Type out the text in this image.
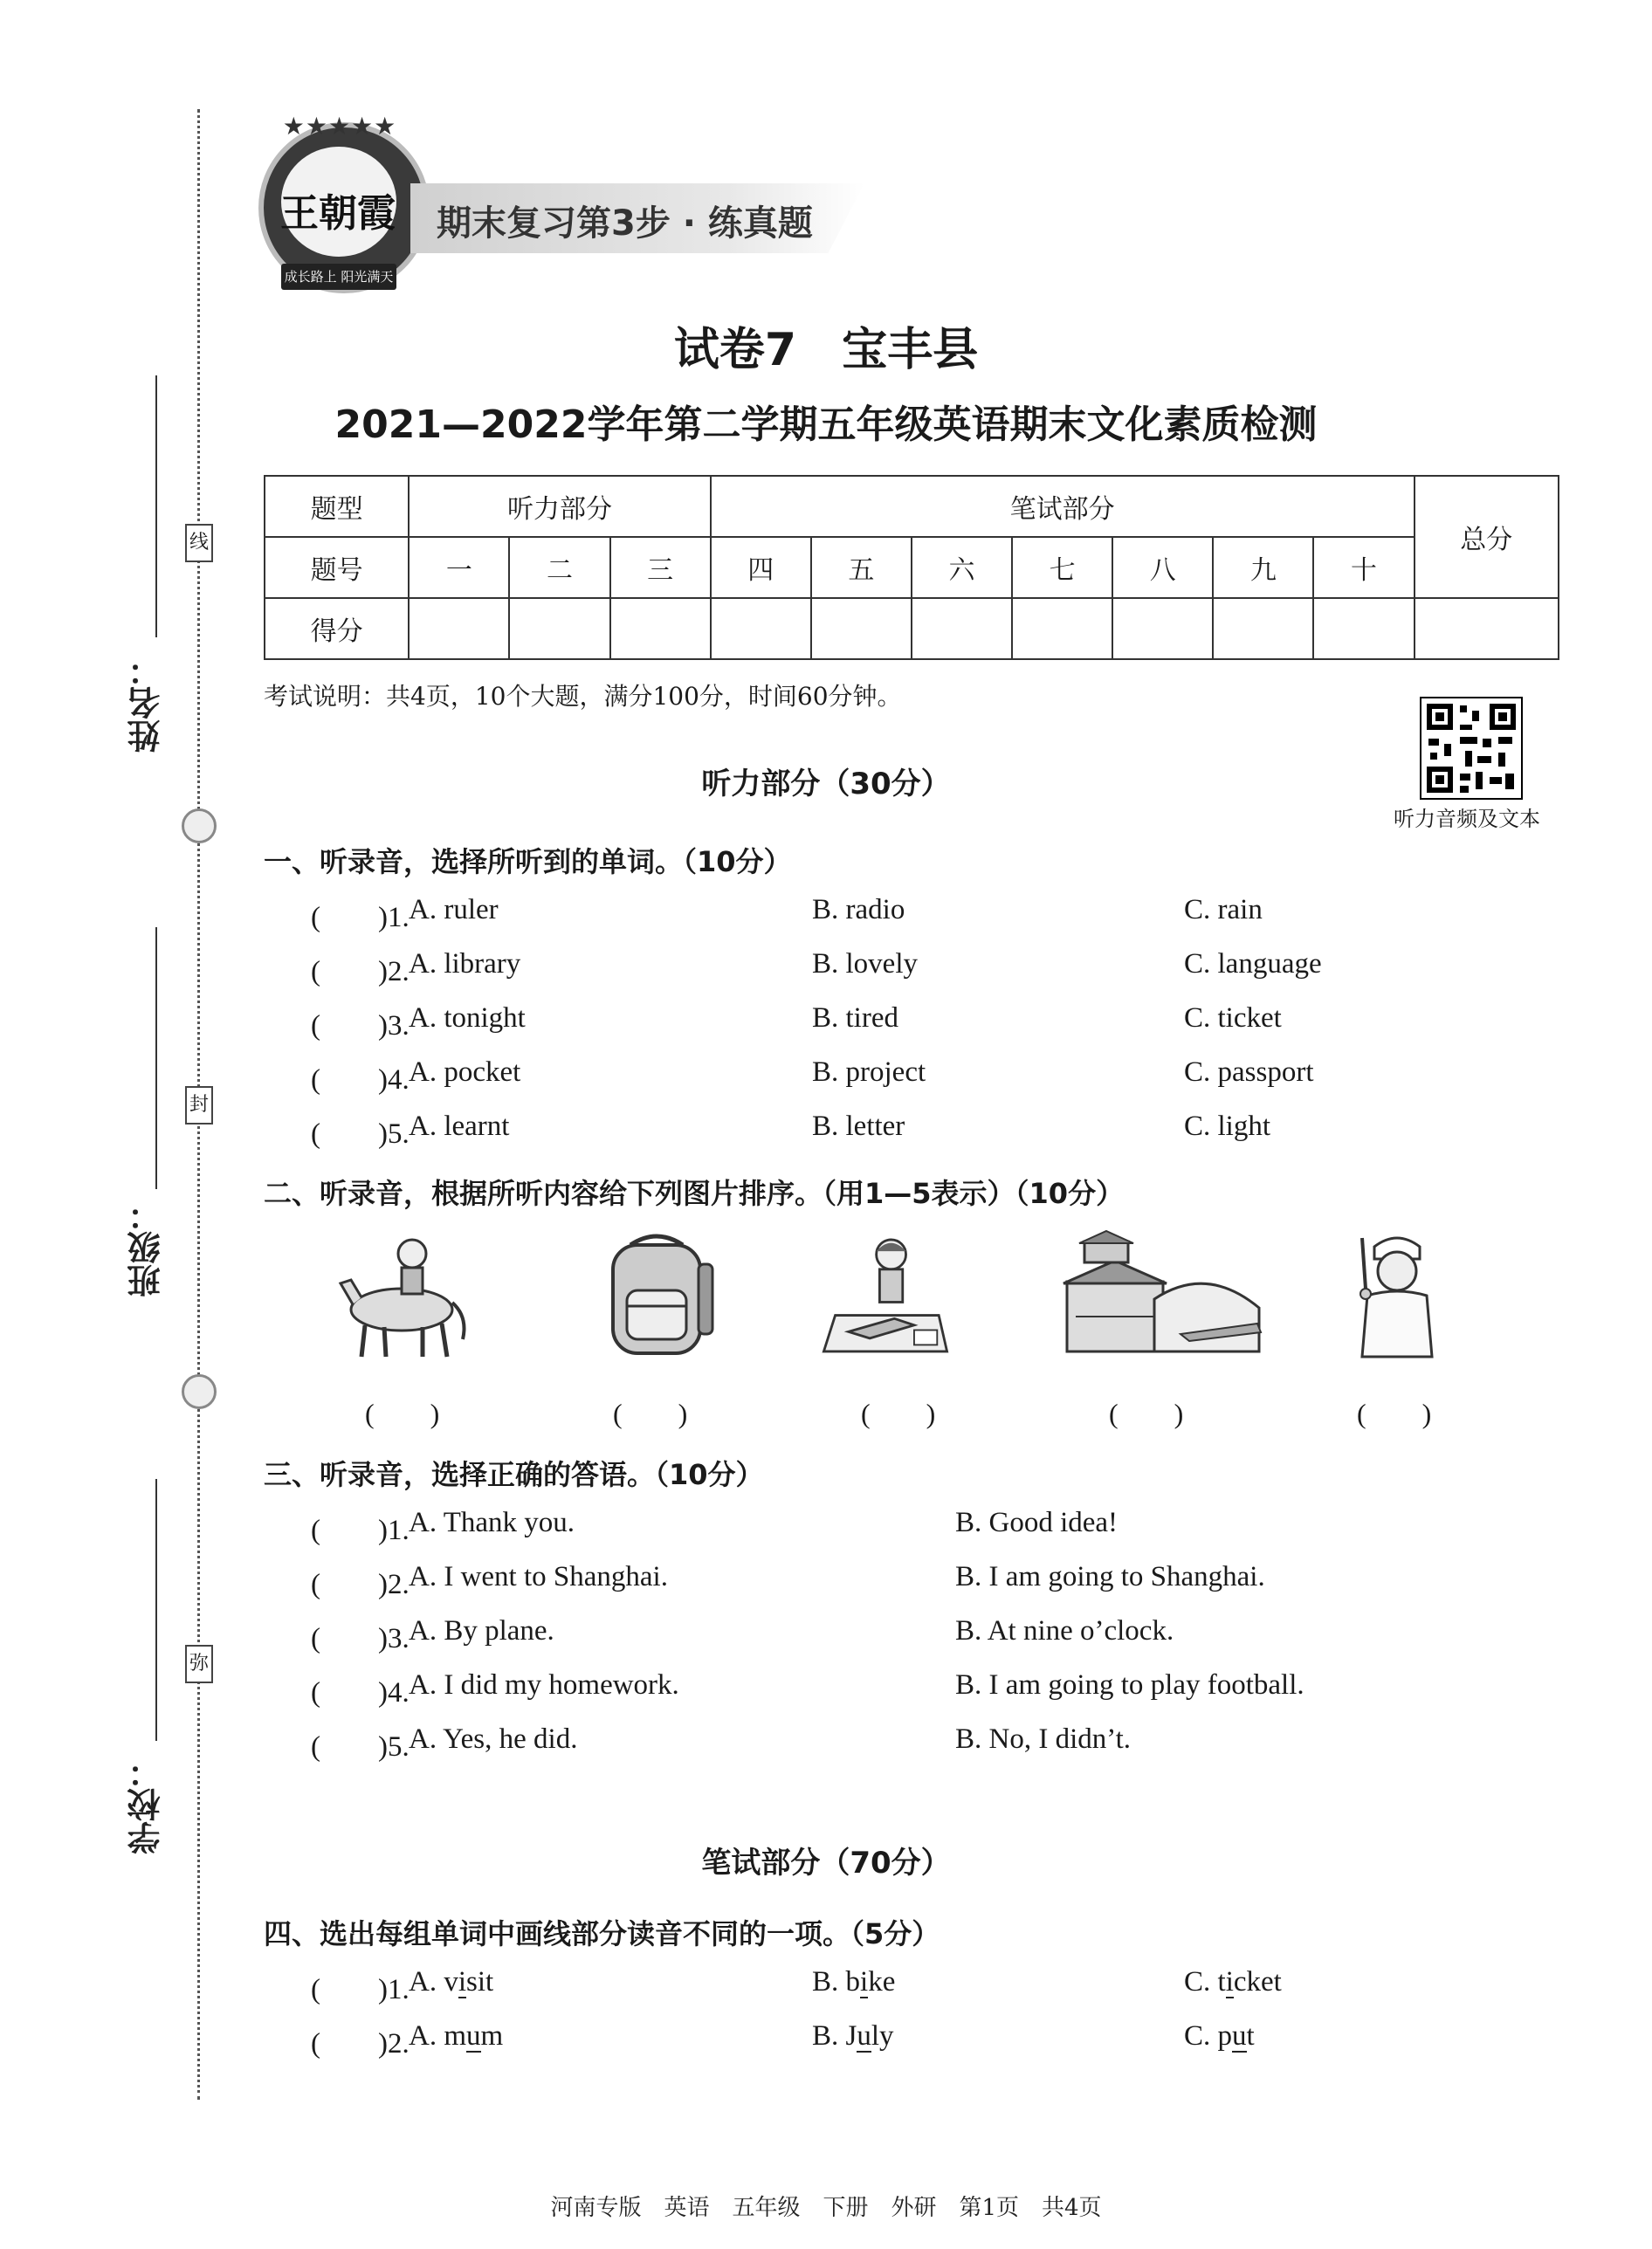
姓名：
线
班级：
封
学校：
弥
★★★★★
王朝霞
成长路上 阳光满天
期末复习第3步 · 练真题
试卷7　宝丰县
2021—2022学年第二学期五年级英语期末文化素质检测
题型	听力部分			笔试部分							总分
题号	一	二	三	四	五	六	七	八	九	十	
得分											
考试说明：共4页，10个大题，满分100分，时间60分钟。
听力音频及文本
听力部分（30分）
一、听录音，选择所听到的单词。（10分）
(　　)1. A. ruler	B. radio	C. rain
(　　)2. A. library	B. lovely	C. language
(　　)3. A. tonight	B. tired	C. ticket
(　　)4. A. pocket	B. project	C. passport
(　　)5. A. learnt	B. letter	C. light
二、听录音，根据所听内容给下列图片排序。（用1—5表示）（10分）
(　　)	(　　)	(　　)	(　　)	(　　)
三、听录音，选择正确的答语。（10分）
(　　)1. A. Thank you.	B. Good idea!
(　　)2. A. I went to Shanghai.	B. I am going to Shanghai.
(　　)3. A. By plane.	B. At nine o’clock.
(　　)4. A. I did my homework.	B. I am going to play football.
(　　)5. A. Yes, he did.	B. No, I didn’t.
笔试部分（70分）
四、选出每组单词中画线部分读音不同的一项。（5分）
(　　)1. A. visit	B. bike	C. ticket
(　　)2. A. mum	B. July	C. put
河南专版　英语　五年级　下册　外研　第1页　共4页
